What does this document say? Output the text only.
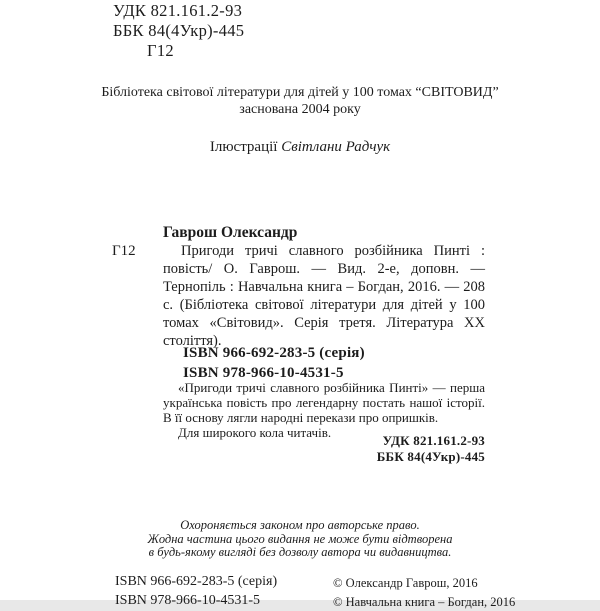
УДК 821.161.2-93
ББК 84(4Укр)-445
Г12
Бібліотека світової літератури для дітей у 100 томах “СВІТОВИД”
заснована 2004 року
Ілюстрації Світлани Радчук
Гаврош Олександр
Г12	Пригоди тричі славного розбійника Пинті : повість/ О. Гаврош. — Вид. 2-е, доповн. — Тернопіль : Навчальна книга – Богдан, 2016. — 208 с. (Бібліотека світової літератури для дітей у 100 томах «Світовид». Серія третя. Література ХХ століття).
ISBN 966-692-283-5 (серія)
ISBN 978-966-10-4531-5

«Пригоди тричі славного розбійника Пинті» — перша українська повість про легендарну постать нашої історії. В її основу лягли народні перекази про опришків.

Для широкого кола читачів.

УДК 821.161.2-93
ББК 84(4Укр)-445
Охороняється законом про авторське право.
Жодна частина цього видання не може бути відтворена
в будь-якому вигляді без дозволу автора чи видавництва.
ISBN 966-692-283-5 (серія)
ISBN 978-966-10-4531-5
© Олександр Гаврош, 2016
© Навчальна книга – Богдан, 2016
